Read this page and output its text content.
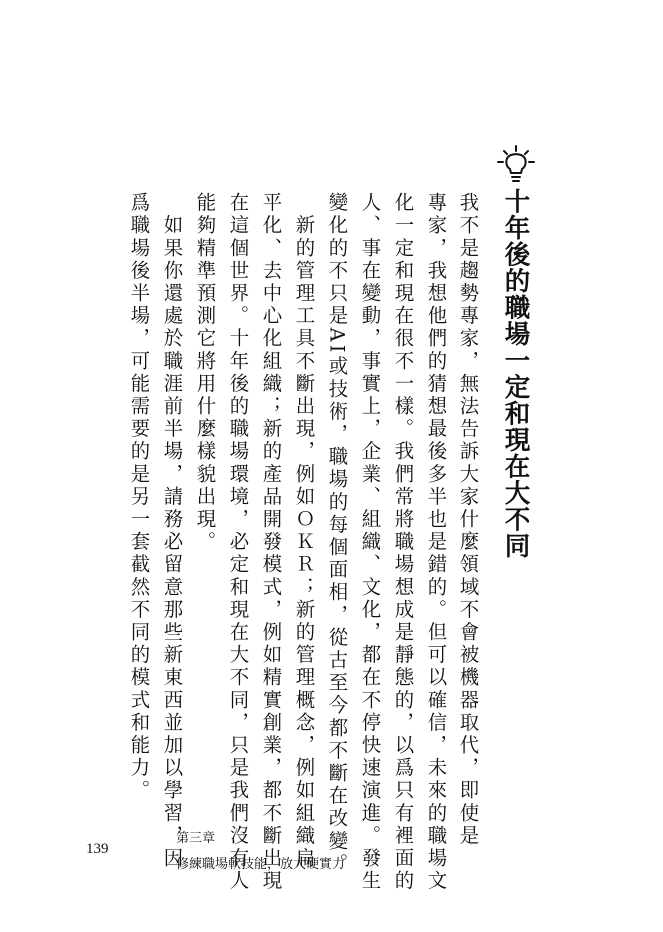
十年後的職場一定和現在大不同
我不是趨勢專家，無法告訴大家什麼領域不會被機器取代，即使是
專家，我想他們的猜想最後多半也是錯的。但可以確信，未來的職場文
化一定和現在很不一樣。我們常將職場想成是靜態的，以爲只有裡面的
人、事在變動，事實上，企業、組織、文化，都在不停快速演進。發生
變化的不只是AI或技術，職場的每個面相，從古至今都不斷在改變。
　新的管理工具不斷出現，例如ＯＫＲ；新的管理概念，例如組織扁
平化、去中心化組織；新的產品開發模式，例如精實創業，都不斷出現
在這個世界。十年後的職場環境，必定和現在大不同，只是我們沒有人
能夠精準預測它將用什麼樣貌出現。
　如果你還處於職涯前半場，請務必留意那些新東西並加以學習，因
爲職場後半場，可能需要的是另一套截然不同的模式和能力。
139
第三章
修練職場軟技能，放大硬實力
